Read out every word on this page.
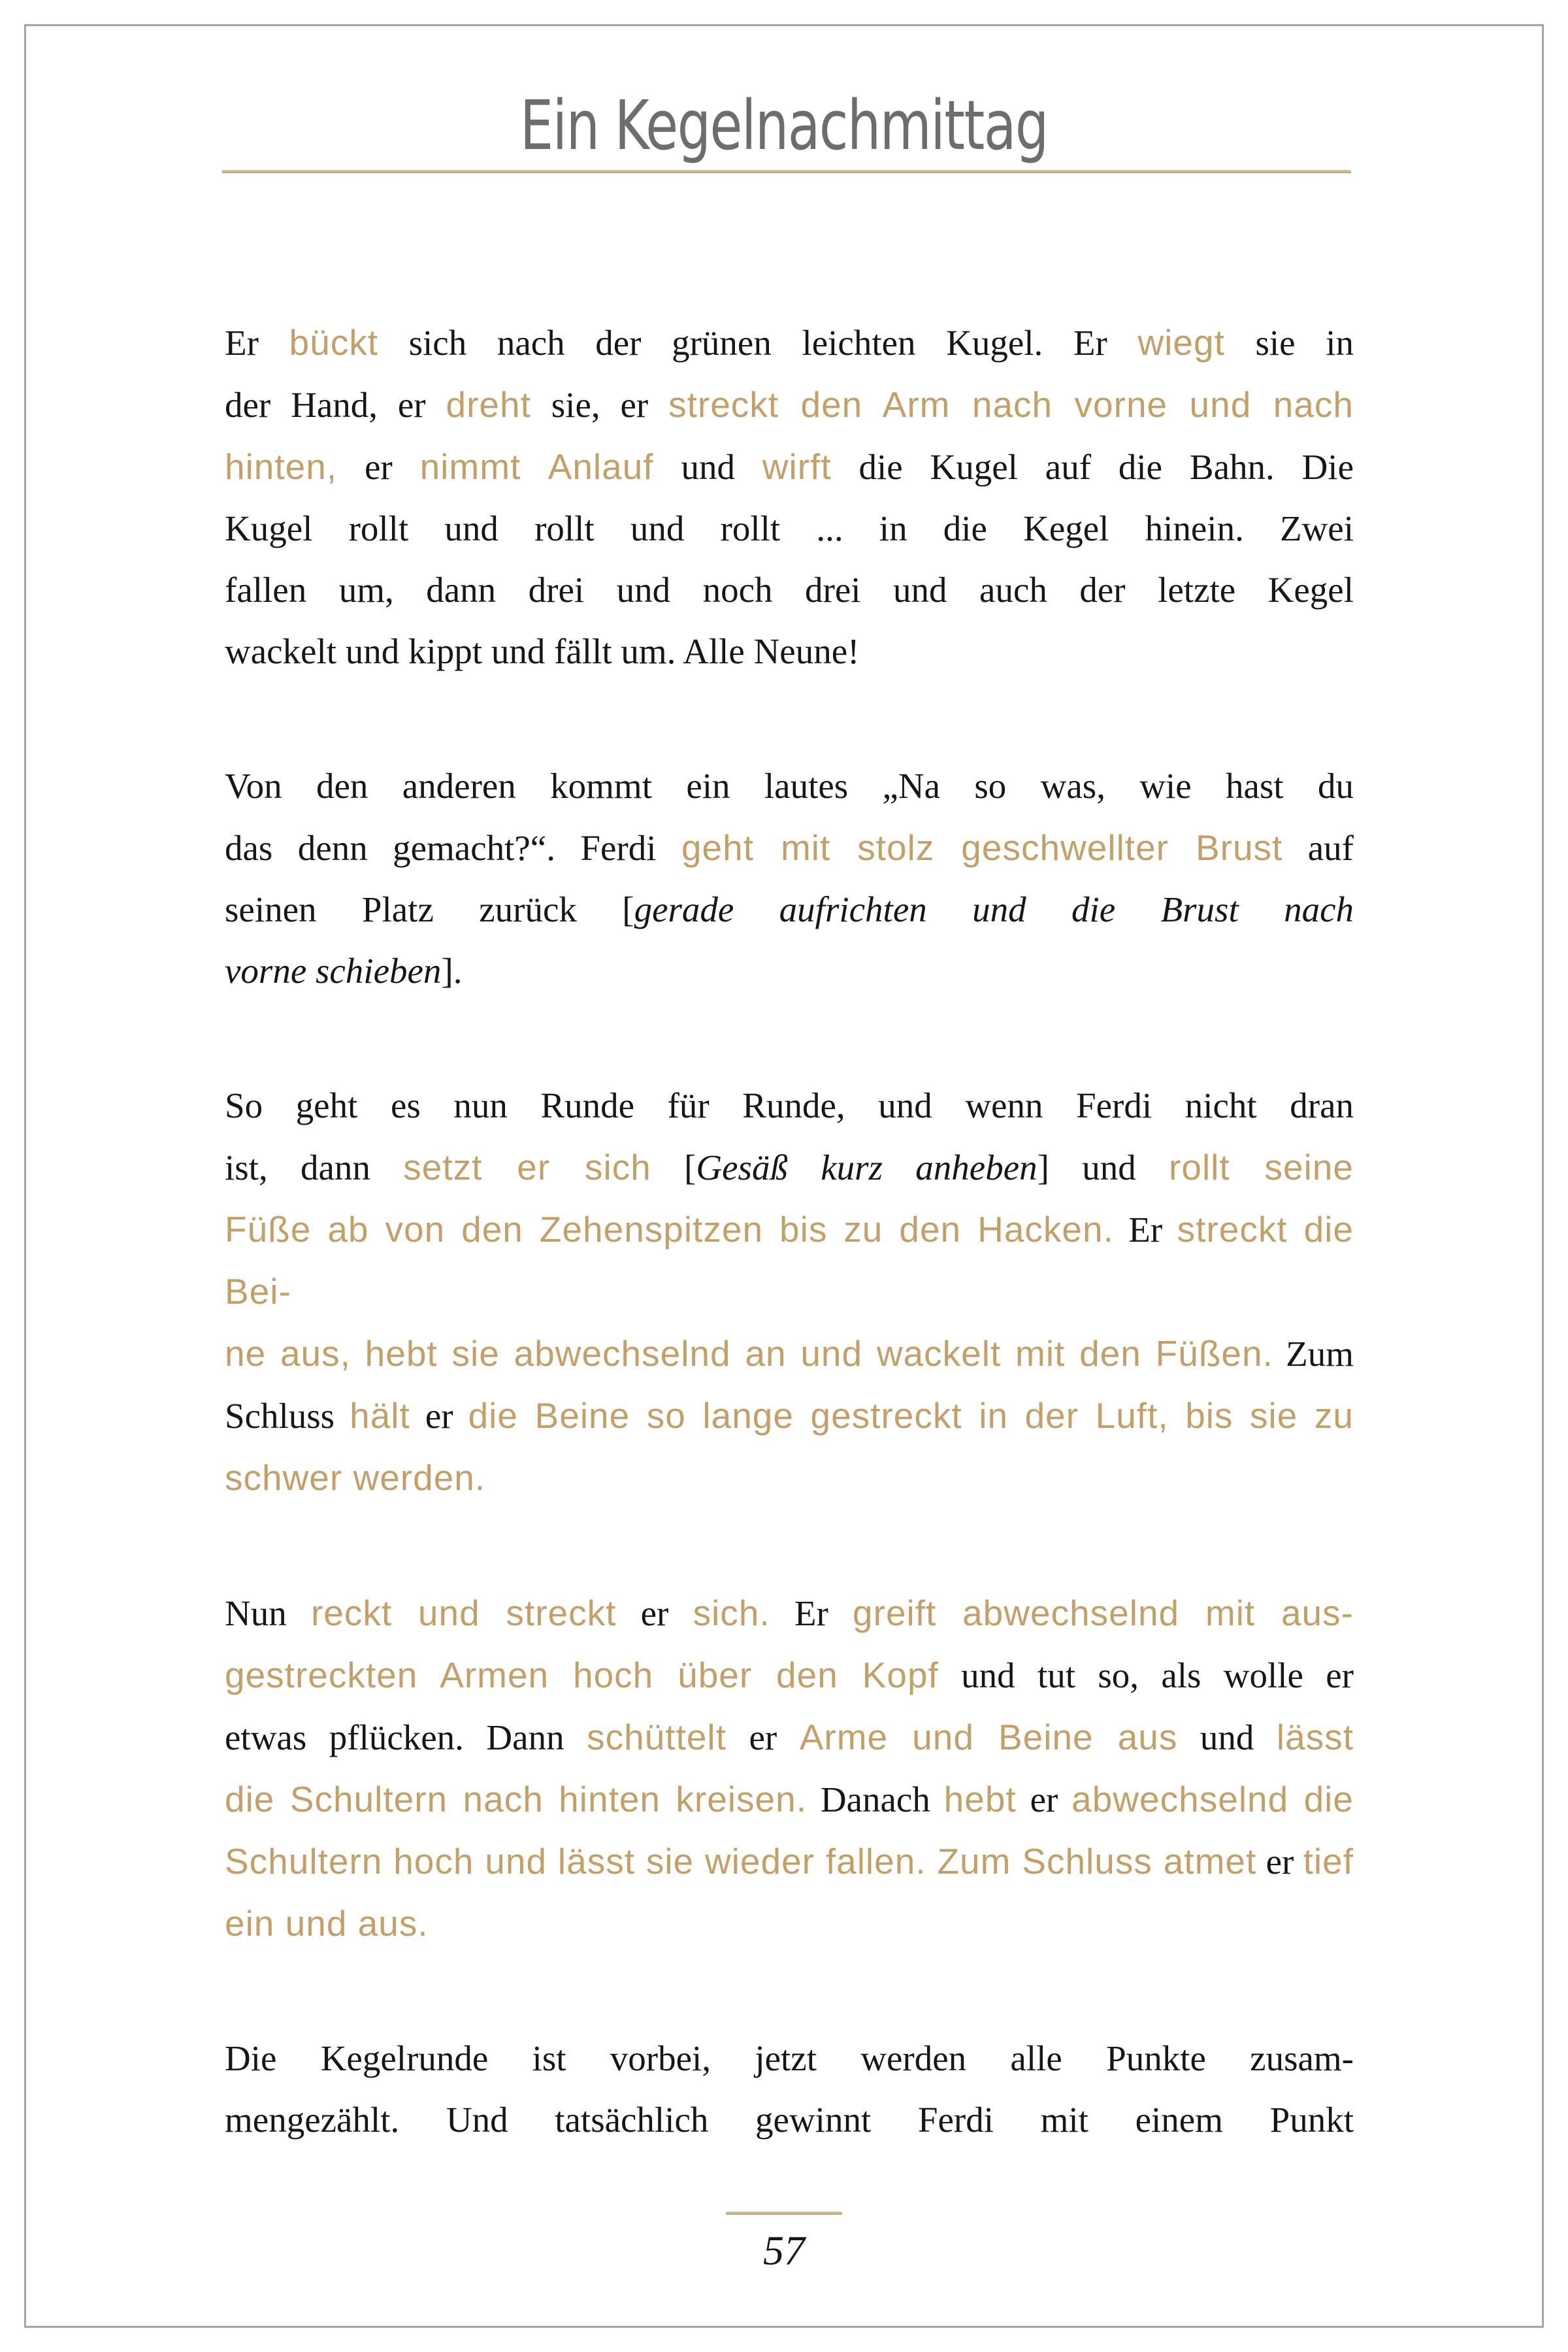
Ein Kegelnachmittag
Er bückt sich nach der grünen leichten Kugel. Er wiegt sie in
der Hand, er dreht sie, er streckt den Arm nach vorne und nach
hinten, er nimmt Anlauf und wirft die Kugel auf die Bahn. Die
Kugel rollt und rollt und rollt ... in die Kegel hinein. Zwei
fallen um, dann drei und noch drei und auch der letzte Kegel
wackelt und kippt und fällt um. Alle Neune!
Von den anderen kommt ein lautes „Na so was, wie hast du
das denn gemacht?“. Ferdi geht mit stolz geschwellter Brust auf
seinen Platz zurück [gerade aufrichten und die Brust nach
vorne schieben].
So geht es nun Runde für Runde, und wenn Ferdi nicht dran
ist, dann setzt er sich [Gesäß kurz anheben] und rollt seine
Füße ab von den Zehenspitzen bis zu den Hacken. Er streckt die Bei-
ne aus, hebt sie abwechselnd an und wackelt mit den Füßen. Zum
Schluss hält er die Beine so lange gestreckt in der Luft, bis sie zu
schwer werden.
Nun reckt und streckt er sich. Er greift abwechselnd mit aus-
gestreckten Armen hoch über den Kopf und tut so, als wolle er
etwas pflücken. Dann schüttelt er Arme und Beine aus und lässt
die Schultern nach hinten kreisen. Danach hebt er abwechselnd die
Schultern hoch und lässt sie wieder fallen. Zum Schluss atmet er tief
ein und aus.
Die Kegelrunde ist vorbei, jetzt werden alle Punkte zusam-
mengezählt. Und tatsächlich gewinnt Ferdi mit einem Punkt
57
